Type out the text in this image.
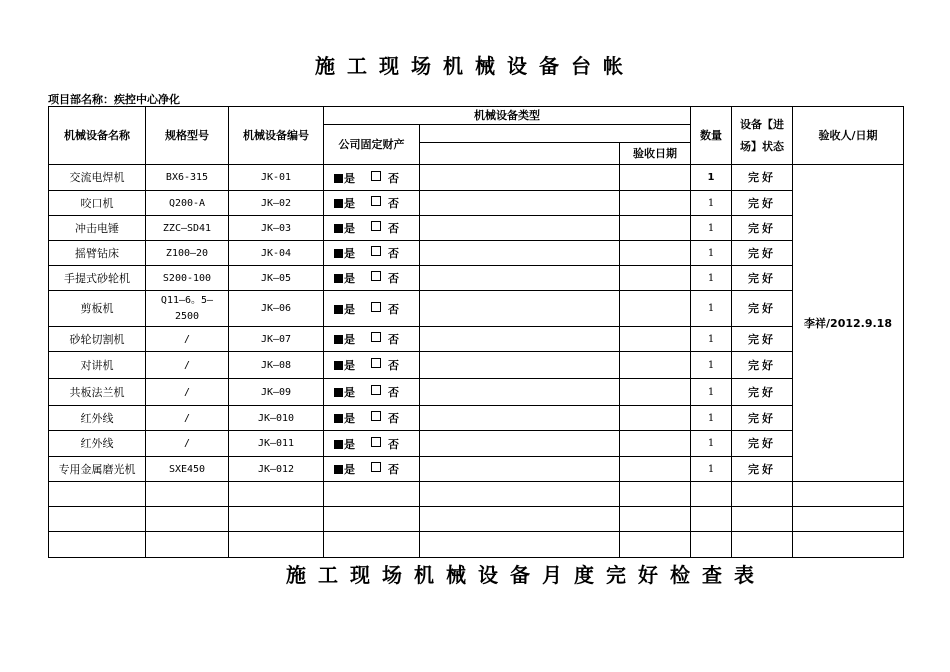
施工现场机械设备台帐
项目部名称：疾控中心净化
机械设备名称	规格型号	机械设备编号	机械设备类型			数量	设备【进
场】状态	验收人/日期
			公司固定财产					
					验收日期			
交流电焊机	BX6-315	JK-01	是 否			1	完好	李祥/2012.9.18
咬口机	Q200-A	JK—02	是 否			1	完好	
冲击电锤	ZZC—SD41	JK—03	是 否			1	完好	
摇臂钻床	Z100—20	JK-04	是 否			1	完好	
手提式砂轮机	S200-100	JK—05	是 否			1	完好	
剪板机	Q11—6。5—2500	JK—06	是 否			1	完好	
砂轮切割机	/	JK—07	是 否			1	完好	
对讲机	/	JK—08	是 否			1	完好	
共板法兰机	/	JK—09	是 否			1	完好	
红外线	/	JK—010	是 否			1	完好	
红外线	/	JK—011	是 否			1	完好	
专用金属磨光机	SXE450	JK—012	是 否			1	完好	

施工现场机械设备月度完好检查表
